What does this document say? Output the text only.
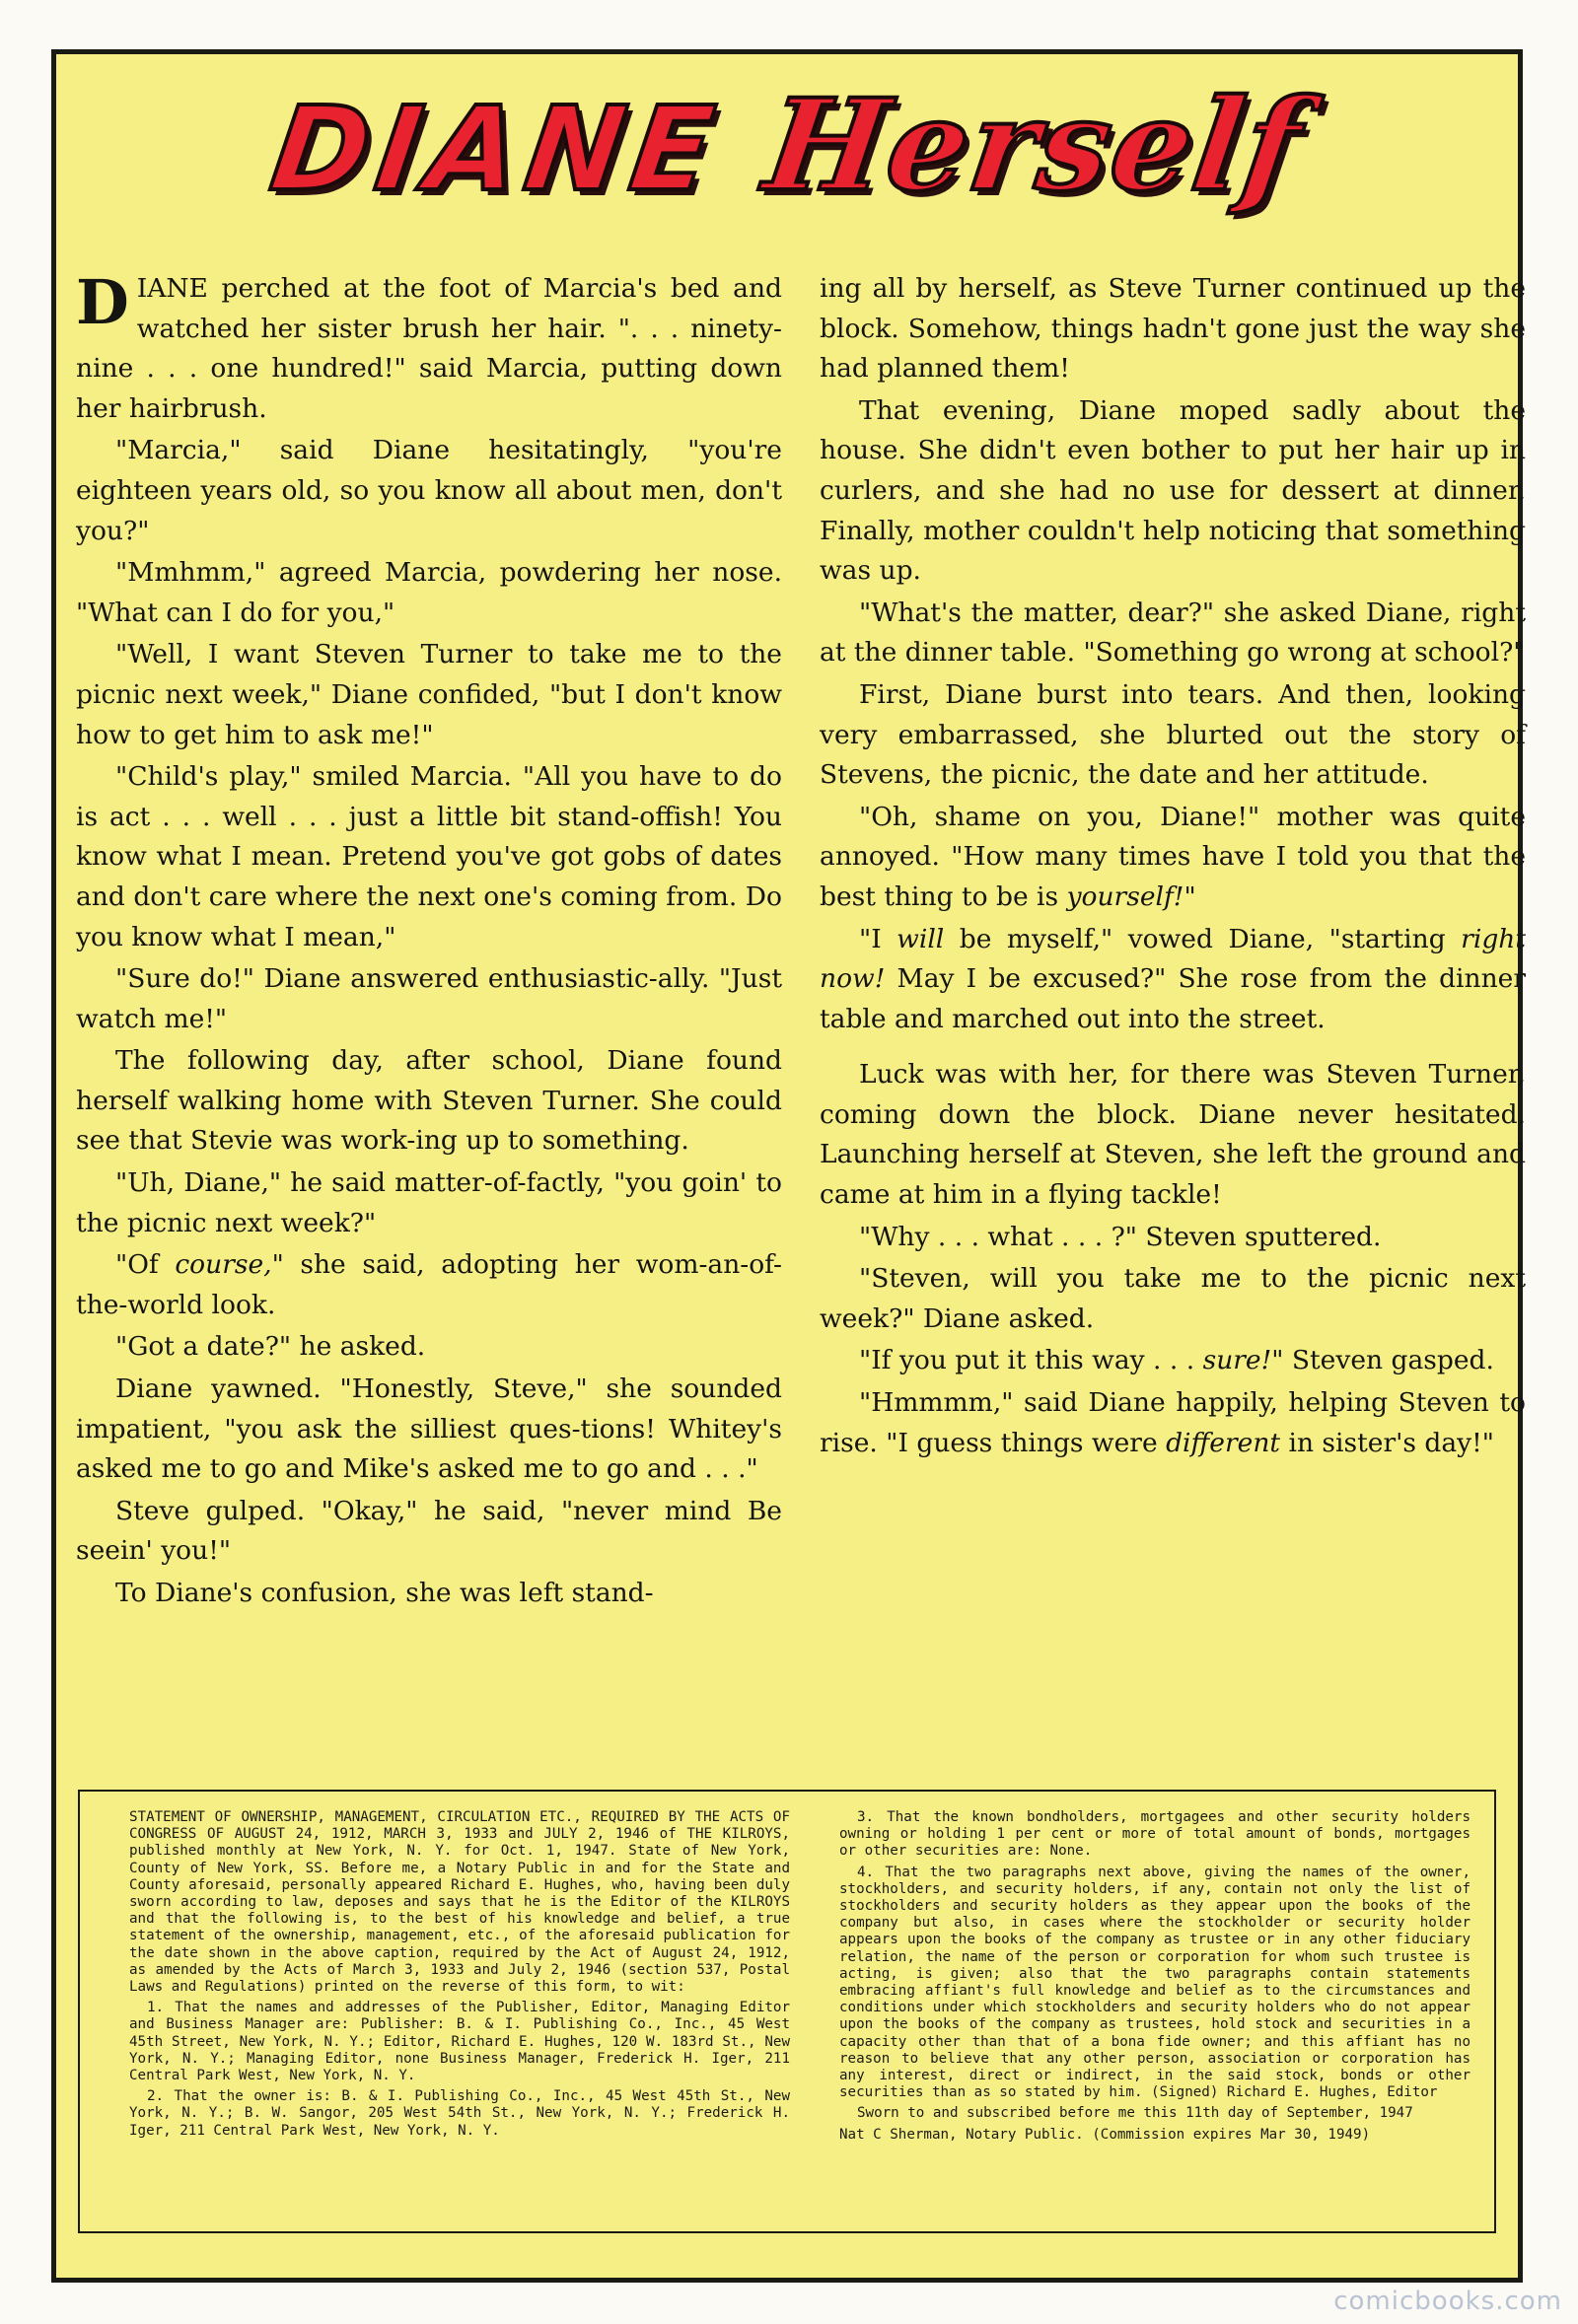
DIANE Herself

DIANE perched at the foot of Marcia's bed and watched her sister brush her hair. ". . . ninety-nine . . . one hundred!" said Marcia, putting down her hairbrush.

"Marcia," said Diane hesitatingly, "you're eighteen years old, so you know all about men, don't you?"

"Mmhmm," agreed Marcia, powdering her nose. "What can I do for you,"

"Well, I want Steven Turner to take me to the picnic next week," Diane confided, "but I don't know how to get him to ask me!"

"Child's play," smiled Marcia. "All you have to do is act . . . well . . . just a little bit stand-offish! You know what I mean. Pretend you've got gobs of dates and don't care where the next one's coming from. Do you know what I mean,"

"Sure do!" Diane answered enthusiastic-ally. "Just watch me!"

The following day, after school, Diane found herself walking home with Steven Turner. She could see that Stevie was work-ing up to something.

"Uh, Diane," he said matter-of-factly, "you goin' to the picnic next week?"

"Of course," she said, adopting her wom-an-of-the-world look.

"Got a date?" he asked.

Diane yawned. "Honestly, Steve," she sounded impatient, "you ask the silliest ques-tions! Whitey's asked me to go and Mike's asked me to go and . . ."

Steve gulped. "Okay," he said, "never mind Be seein' you!"

To Diane's confusion, she was left stand-

ing all by herself, as Steve Turner continued up the block. Somehow, things hadn't gone just the way she had planned them!

That evening, Diane moped sadly about the house. She didn't even bother to put her hair up in curlers, and she had no use for dessert at dinner. Finally, mother couldn't help noticing that something was up.

"What's the matter, dear?" she asked Diane, right at the dinner table. "Something go wrong at school?"

First, Diane burst into tears. And then, looking very embarrassed, she blurted out the story of Stevens, the picnic, the date and her attitude.

"Oh, shame on you, Diane!" mother was quite annoyed. "How many times have I told you that the best thing to be is yourself!"

"I will be myself," vowed Diane, "starting right now! May I be excused?" She rose from the dinner table and marched out into the street.

Luck was with her, for there was Steven Turner, coming down the block. Diane never hesitated. Launching herself at Steven, she left the ground and came at him in a flying tackle!

"Why . . . what . . . ?" Steven sputtered.

"Steven, will you take me to the picnic next week?" Diane asked.

"If you put it this way . . . sure!" Steven gasped.

"Hmmmm," said Diane happily, helping Steven to rise. "I guess things were different in sister's day!"

STATEMENT OF OWNERSHIP, MANAGEMENT, CIRCULATION ETC., REQUIRED BY THE ACTS OF CONGRESS OF AUGUST 24, 1912, MARCH 3, 1933 and JULY 2, 1946 of THE KILROYS, published monthly at New York, N. Y. for Oct. 1, 1947. State of New York, County of New York, SS. Before me, a Notary Public in and for the State and County aforesaid, personally appeared Richard E. Hughes, who, having been duly sworn according to law, deposes and says that he is the Editor of the KILROYS and that the following is, to the best of his knowledge and belief, a true statement of the ownership, management, etc., of the aforesaid publication for the date shown in the above caption, required by the Act of August 24, 1912, as amended by the Acts of March 3, 1933 and July 2, 1946 (section 537, Postal Laws and Regulations) printed on the reverse of this form, to wit:

1. That the names and addresses of the Publisher, Editor, Managing Editor and Business Manager are: Publisher: B. & I. Publishing Co., Inc., 45 West 45th Street, New York, N. Y.; Editor, Richard E. Hughes, 120 W. 183rd St., New York, N. Y.; Managing Editor, none Business Manager, Frederick H. Iger, 211 Central Park West, New York, N. Y.

2. That the owner is: B. & I. Publishing Co., Inc., 45 West 45th St., New York, N. Y.; B. W. Sangor, 205 West 54th St., New York, N. Y.; Frederick H. Iger, 211 Central Park West, New York, N. Y.

3. That the known bondholders, mortgagees and other security holders owning or holding 1 per cent or more of total amount of bonds, mortgages or other securities are: None.

4. That the two paragraphs next above, giving the names of the owner, stockholders, and security holders, if any, contain not only the list of stockholders and security holders as they appear upon the books of the company but also, in cases where the stockholder or security holder appears upon the books of the company as trustee or in any other fiduciary relation, the name of the person or corporation for whom such trustee is acting, is given; also that the two paragraphs contain statements embracing affiant's full knowledge and belief as to the circumstances and conditions under which stockholders and security holders who do not appear upon the books of the company as trustees, hold stock and securities in a capacity other than that of a bona fide owner; and this affiant has no reason to believe that any other person, association or corporation has any interest, direct or indirect, in the said stock, bonds or other securities than as so stated by him. (Signed) Richard E. Hughes, Editor

Sworn to and subscribed before me this 11th day of September, 1947

Nat C Sherman, Notary Public. (Commission expires Mar 30, 1949)

comicbooks.com
